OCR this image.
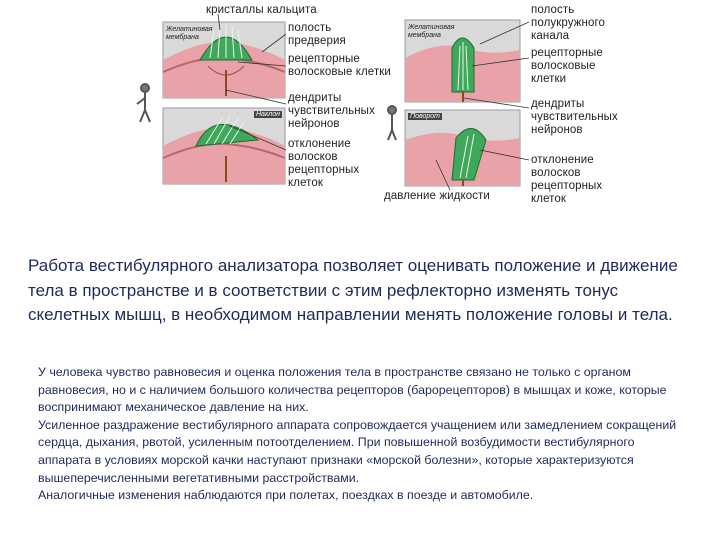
Желатиновая
мембрана
Наклон
Желатиновая
мембрана
Поворот
кристаллы кальцита
полость
предверия
рецепторные
волосковые клетки
дендриты
чувствительных
нейронов
отклонение
волосков
рецепторных
клеток
полость
полукружного
канала
рецепторные
волосковые
клетки
дендриты
чувствительных
нейронов
отклонение
волосков
рецепторных
клеток
давление жидкости
Работа вестибулярного анализатора позволяет оценивать положение и движение тела в пространстве и в соответствии с этим рефлекторно изменять тонус скелетных мышц, в необходимом направлении менять положение головы и тела.

У человека чувство равновесия и оценка положения тела в пространстве связано не только с органом равновесия, но и с наличием большого количества рецепторов (барорецепторов) в мышцах и коже, которые воспринимают механическое давление на них.

Усиленное раздражение вестибулярного аппарата сопровождается учащением или замедлением сокращений сердца, дыхания, рвотой, усиленным потоотделением. При повышенной возбудимости вестибулярного аппарата в условиях морской качки наступают признаки «морской болезни», которые характеризуются вышеперечисленными вегетативными расстройствами.

Аналогичные изменения наблюдаются при полетах, поездках в поезде и автомобиле.
